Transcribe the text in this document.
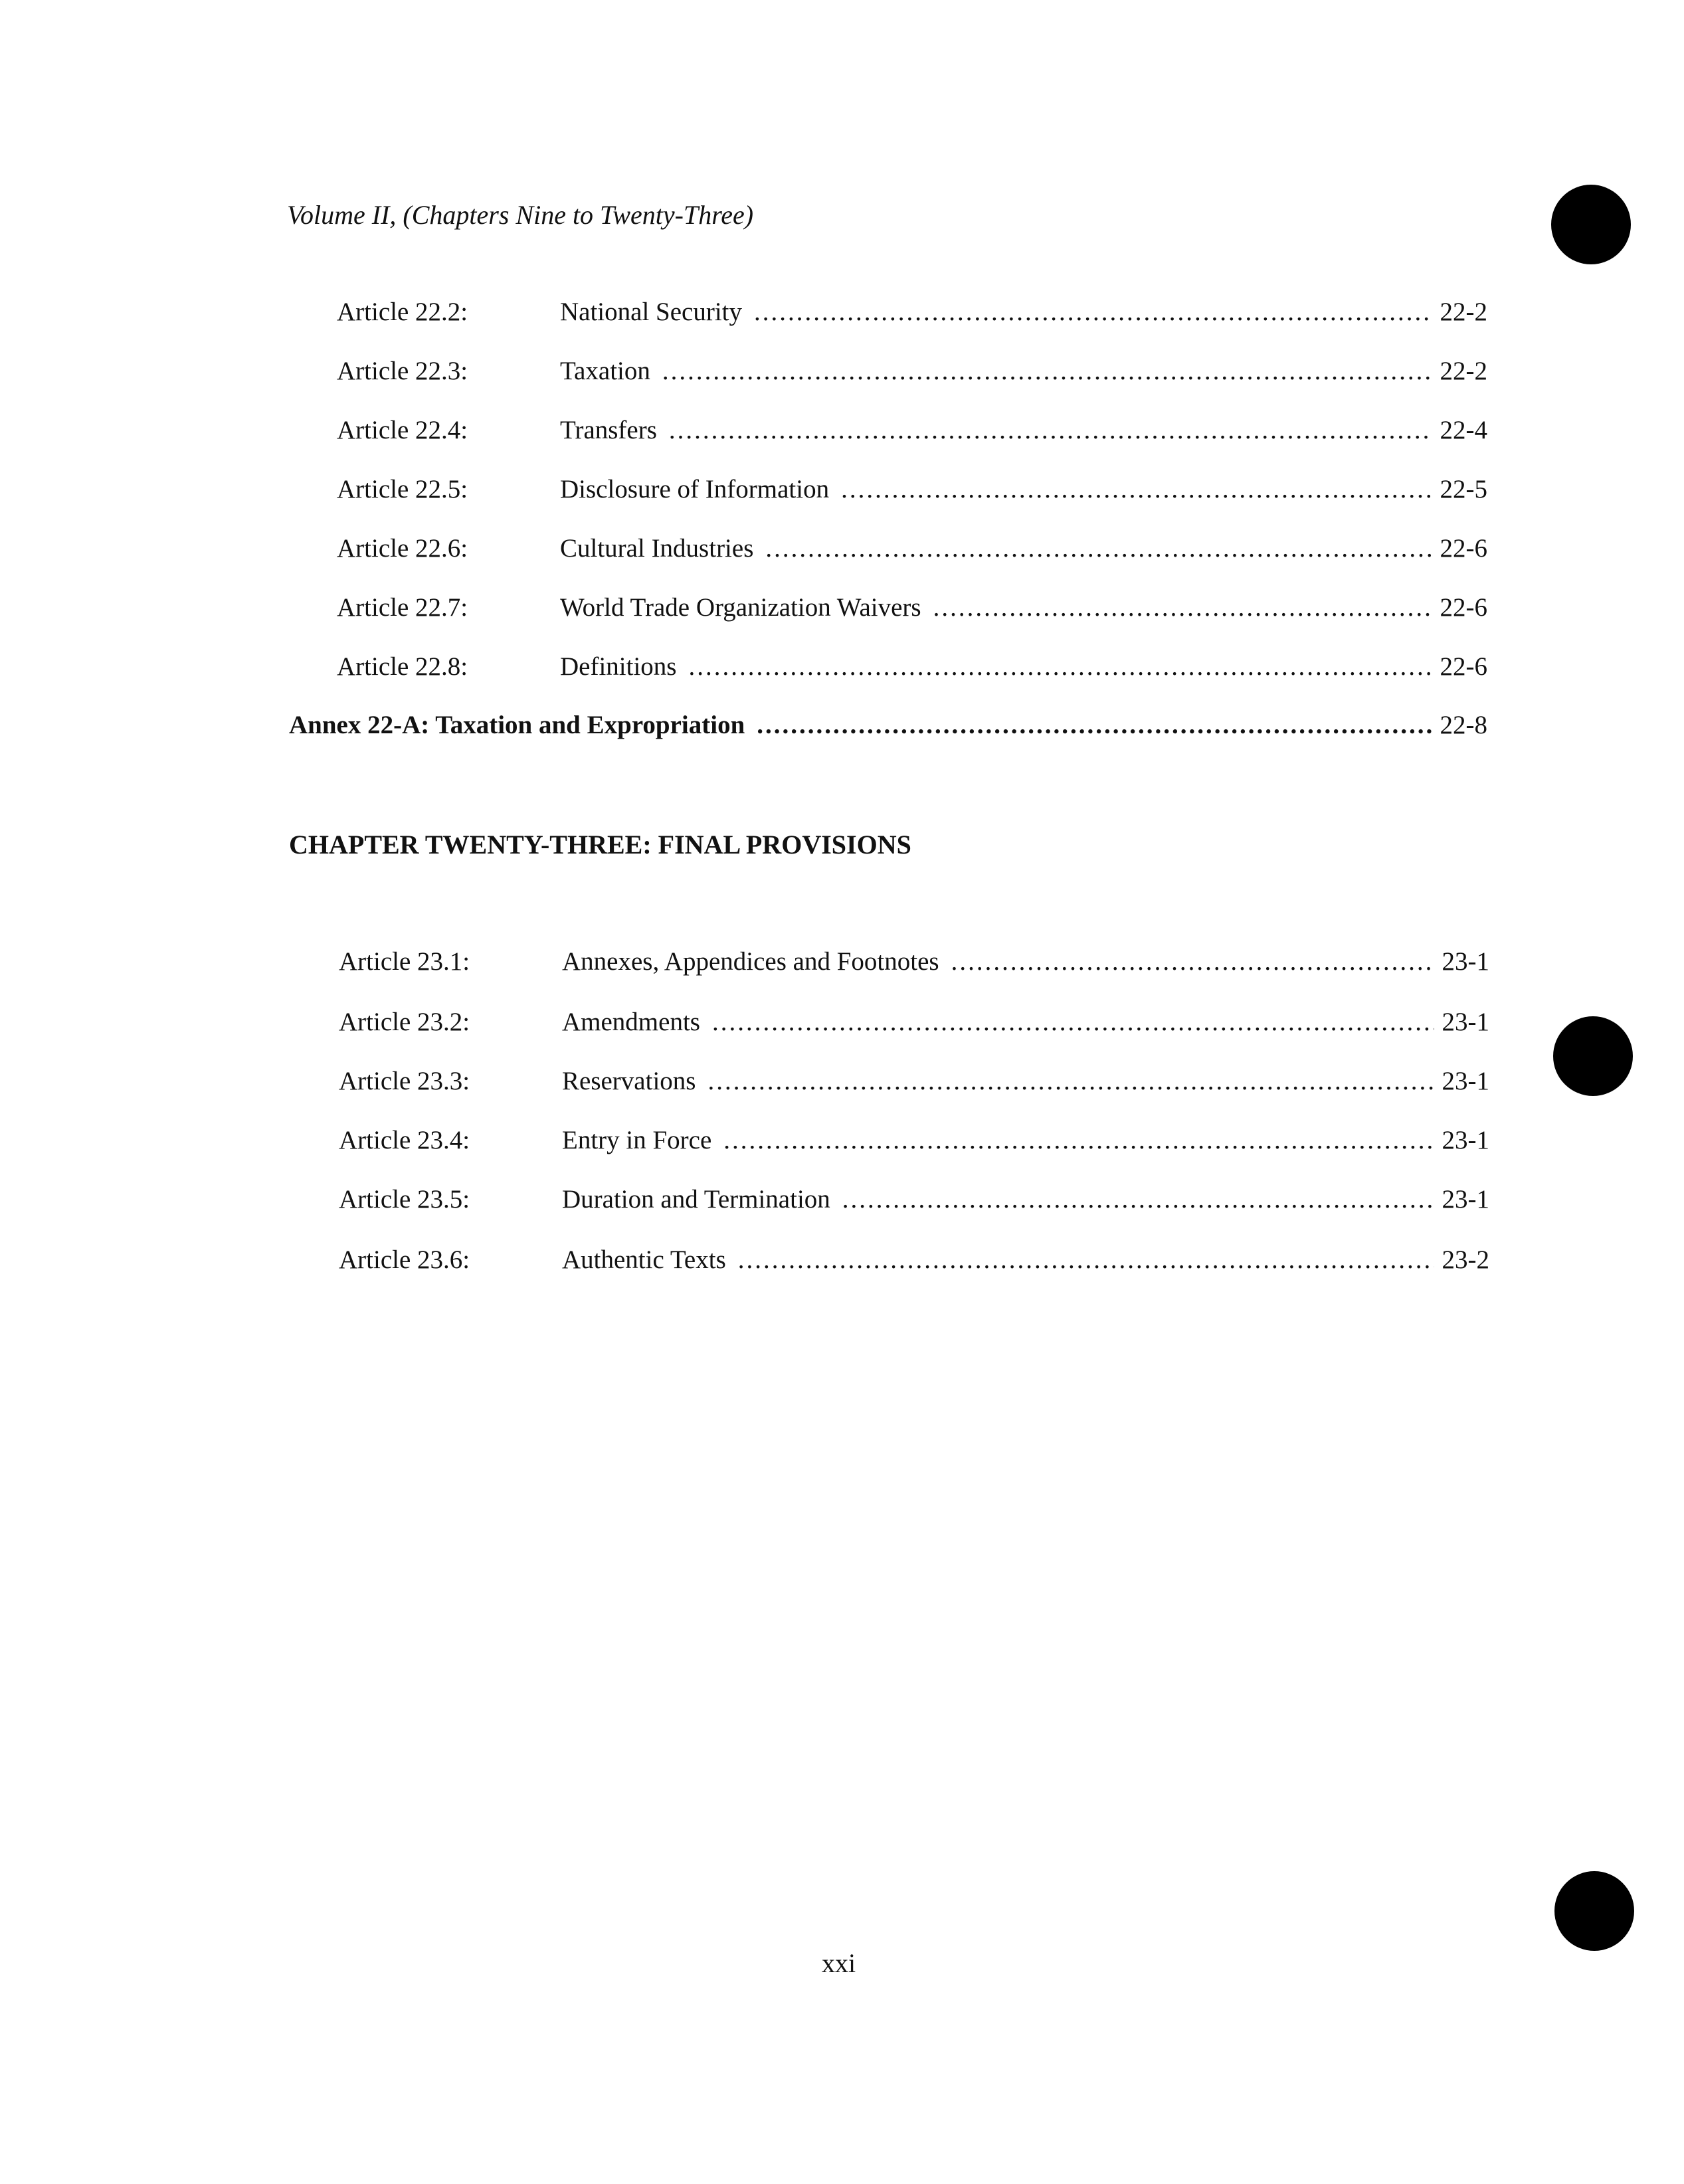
Volume II, (Chapters Nine to Twenty-Three)
Article 22.2:	National Security .....	22-2
Article 22.3:	Taxation .....	22-2
Article 22.4:	Transfers .....	22-4
Article 22.5:	Disclosure of Information .....	22-5
Article 22.6:	Cultural Industries .....	22-6
Article 22.7:	World Trade Organization Waivers .....	22-6
Article 22.8:	Definitions .....	22-6
Annex 22-A: Taxation and Expropriation .....	22-8
CHAPTER TWENTY-THREE: FINAL PROVISIONS
Article 23.1:	Annexes, Appendices and Footnotes .....	23-1
Article 23.2:	Amendments .....	23-1
Article 23.3:	Reservations .....	23-1
Article 23.4:	Entry in Force .....	23-1
Article 23.5:	Duration and Termination .....	23-1
Article 23.6:	Authentic Texts .....	23-2
xxi
